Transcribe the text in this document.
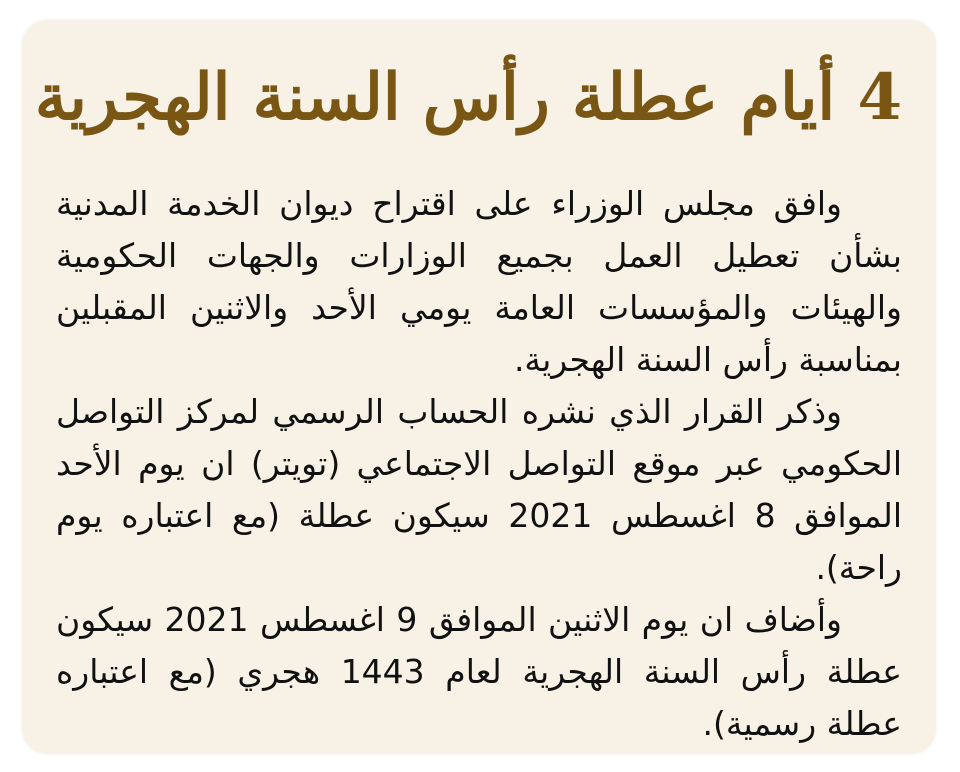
4 أيام عطلة رأس السنة الهجرية

وافق مجلس الوزراء على اقتراح ديوان الخدمة المدنية بشأن تعطيل العمل بجميع الوزارات والجهات الحكومية والهيئات والمؤسسات العامة يومي الأحد والاثنين المقبلين بمناسبة رأس السنة الهجرية.

وذكر القرار الذي نشره الحساب الرسمي لمركز التواصل الحكومي عبر موقع التواصل الاجتماعي (تويتر) ان يوم الأحد الموافق 8 اغسطس 2021 سيكون عطلة (مع اعتباره يوم راحة).

وأضاف ان يوم الاثنين الموافق 9 اغسطس 2021 سيكون عطلة رأس السنة الهجرية لعام 1443 هجري (مع اعتباره عطلة رسمية).
